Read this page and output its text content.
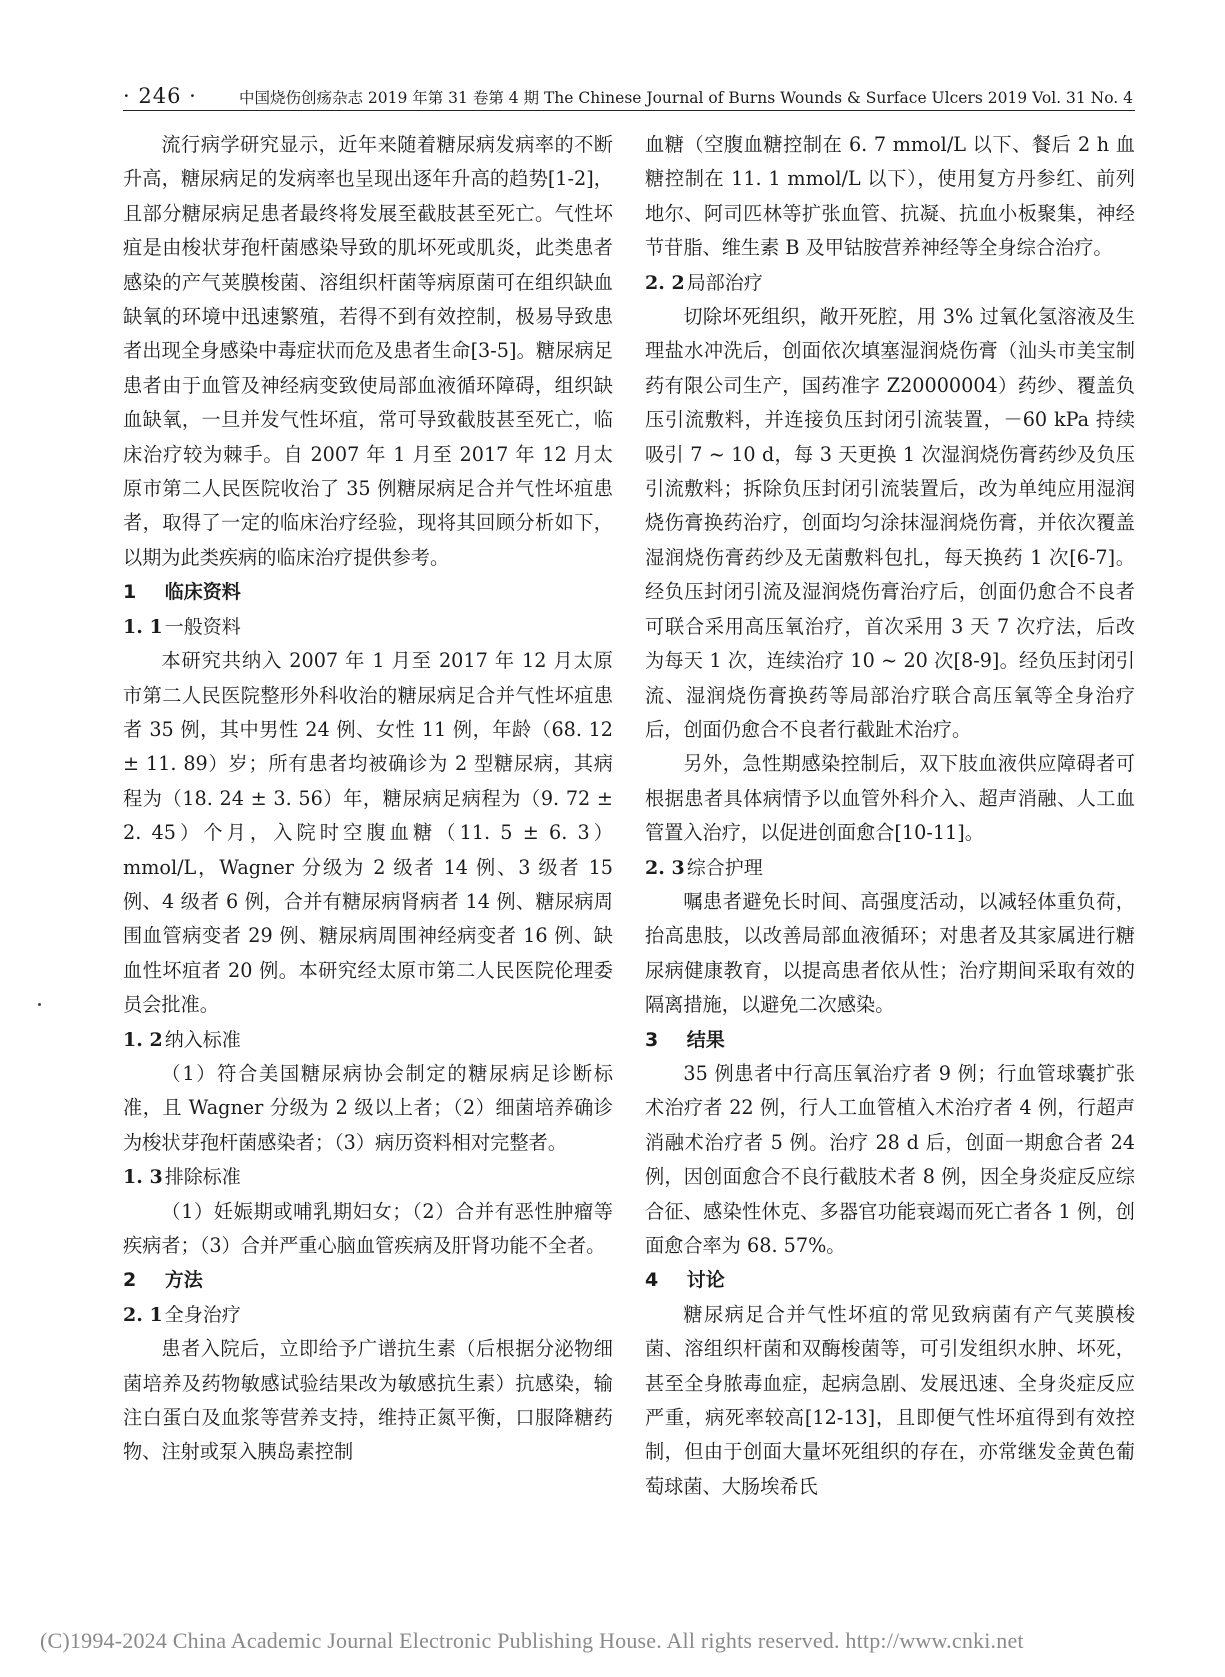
· 246 ·	中国烧伤创疡杂志 2019 年第 31 卷第 4 期 The Chinese Journal of Burns Wounds & Surface Ulcers 2019 Vol. 31 No. 4

流行病学研究显示，近年来随着糖尿病发病率的不断升高，糖尿病足的发病率也呈现出逐年升高的趋势[1-2]，且部分糖尿病足患者最终将发展至截肢甚至死亡。气性坏疽是由梭状芽孢杆菌感染导致的肌坏死或肌炎，此类患者感染的产气荚膜梭菌、溶组织杆菌等病原菌可在组织缺血缺氧的环境中迅速繁殖，若得不到有效控制，极易导致患者出现全身感染中毒症状而危及患者生命[3-5]。糖尿病足患者由于血管及神经病变致使局部血液循环障碍，组织缺血缺氧，一旦并发气性坏疽，常可导致截肢甚至死亡，临床治疗较为棘手。自 2007 年 1 月至 2017 年 12 月太原市第二人民医院收治了 35 例糖尿病足合并气性坏疽患者，取得了一定的临床治疗经验，现将其回顾分析如下，以期为此类疾病的临床治疗提供参考。

1 临床资料

1. 1 一般资料

本研究共纳入 2007 年 1 月至 2017 年 12 月太原市第二人民医院整形外科收治的糖尿病足合并气性坏疽患者 35 例，其中男性 24 例、女性 11 例，年龄（68. 12 ± 11. 89）岁；所有患者均被确诊为 2 型糖尿病，其病程为（18. 24 ± 3. 56）年，糖尿病足病程为（9. 72 ± 2. 45）个月，入院时空腹血糖（11. 5 ± 6. 3）mmol/L，Wagner 分级为 2 级者 14 例、3 级者 15 例、4 级者 6 例，合并有糖尿病肾病者 14 例、糖尿病周围血管病变者 29 例、糖尿病周围神经病变者 16 例、缺血性坏疽者 20 例。本研究经太原市第二人民医院伦理委员会批准。

1. 2 纳入标准

（1）符合美国糖尿病协会制定的糖尿病足诊断标准，且 Wagner 分级为 2 级以上者；（2）细菌培养确诊为梭状芽孢杆菌感染者；（3）病历资料相对完整者。

1. 3 排除标准

（1）妊娠期或哺乳期妇女；（2）合并有恶性肿瘤等疾病者；（3）合并严重心脑血管疾病及肝肾功能不全者。

2 方法

2. 1 全身治疗

患者入院后，立即给予广谱抗生素（后根据分泌物细菌培养及药物敏感试验结果改为敏感抗生素）抗感染，输注白蛋白及血浆等营养支持，维持正氮平衡，口服降糖药物、注射或泵入胰岛素控制

血糖（空腹血糖控制在 6. 7 mmol/L 以下、餐后 2 h 血糖控制在 11. 1 mmol/L 以下），使用复方丹参红、前列地尔、阿司匹林等扩张血管、抗凝、抗血小板聚集，神经节苷脂、维生素 B 及甲钴胺营养神经等全身综合治疗。

2. 2 局部治疗

切除坏死组织，敞开死腔，用 3% 过氧化氢溶液及生理盐水冲洗后，创面依次填塞湿润烧伤膏（汕头市美宝制药有限公司生产，国药准字 Z20000004）药纱、覆盖负压引流敷料，并连接负压封闭引流装置，－60 kPa 持续吸引 7 ~ 10 d，每 3 天更换 1 次湿润烧伤膏药纱及负压引流敷料；拆除负压封闭引流装置后，改为单纯应用湿润烧伤膏换药治疗，创面均匀涂抹湿润烧伤膏，并依次覆盖湿润烧伤膏药纱及无菌敷料包扎，每天换药 1 次[6-7]。经负压封闭引流及湿润烧伤膏治疗后，创面仍愈合不良者可联合采用高压氧治疗，首次采用 3 天 7 次疗法，后改为每天 1 次，连续治疗 10 ~ 20 次[8-9]。经负压封闭引流、湿润烧伤膏换药等局部治疗联合高压氧等全身治疗后，创面仍愈合不良者行截趾术治疗。

另外，急性期感染控制后，双下肢血液供应障碍者可根据患者具体病情予以血管外科介入、超声消融、人工血管置入治疗，以促进创面愈合[10-11]。

2. 3 综合护理

嘱患者避免长时间、高强度活动，以减轻体重负荷，抬高患肢，以改善局部血液循环；对患者及其家属进行糖尿病健康教育，以提高患者依从性；治疗期间采取有效的隔离措施，以避免二次感染。

3 结果

35 例患者中行高压氧治疗者 9 例；行血管球囊扩张术治疗者 22 例，行人工血管植入术治疗者 4 例，行超声消融术治疗者 5 例。治疗 28 d 后，创面一期愈合者 24 例，因创面愈合不良行截肢术者 8 例，因全身炎症反应综合征、感染性休克、多器官功能衰竭而死亡者各 1 例，创面愈合率为 68. 57%。

4 讨论

糖尿病足合并气性坏疽的常见致病菌有产气荚膜梭菌、溶组织杆菌和双酶梭菌等，可引发组织水肿、坏死，甚至全身脓毒血症，起病急剧、发展迅速、全身炎症反应严重，病死率较高[12-13]，且即便气性坏疽得到有效控制，但由于创面大量坏死组织的存在，亦常继发金黄色葡萄球菌、大肠埃希氏

(C)1994-2024 China Academic Journal Electronic Publishing House. All rights reserved. http://www.cnki.net
